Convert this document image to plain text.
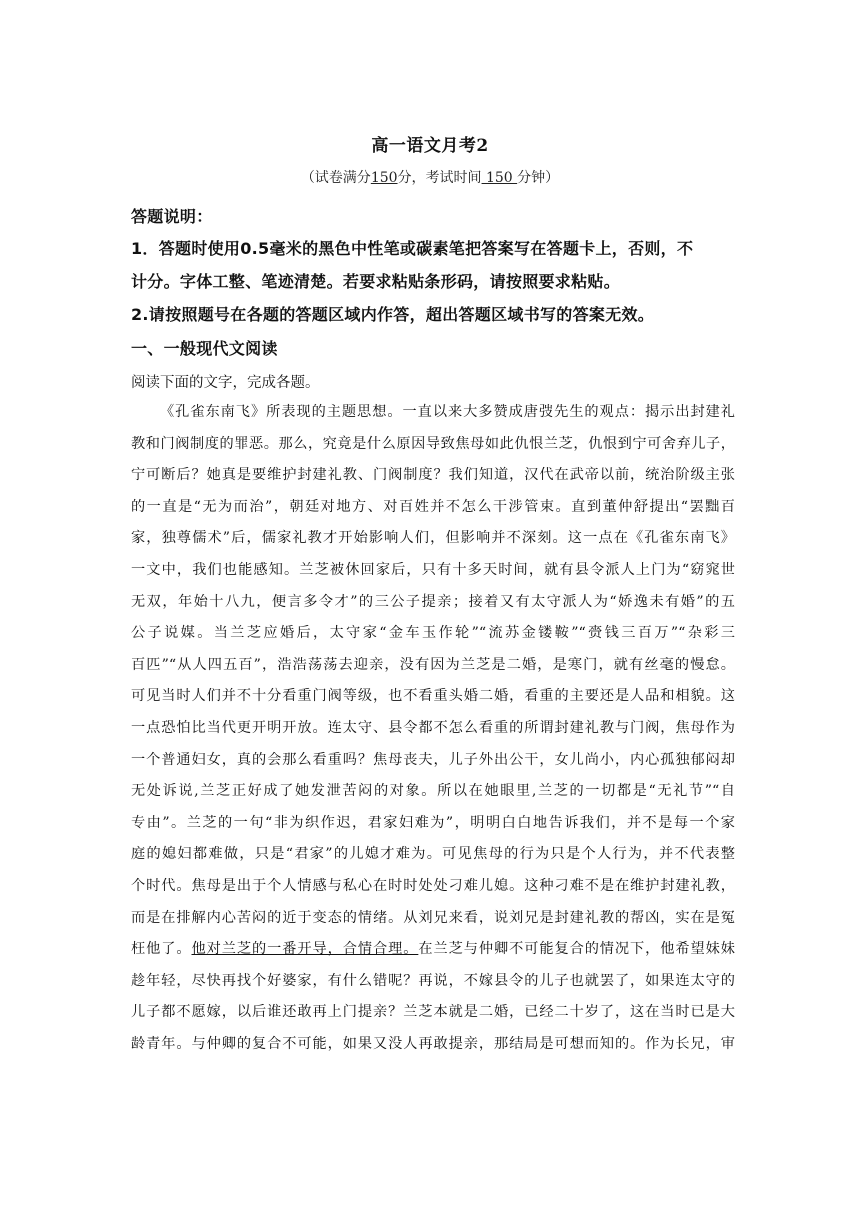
高一语文月考2
（试卷满分150分，考试时间 150 分钟）
答题说明：
1．答题时使用0.5毫米的黑色中性笔或碳素笔把答案写在答题卡上，否则，不
计分。字体工整、笔迹清楚。若要求粘贴条形码，请按照要求粘贴。
2.请按照题号在各题的答题区域内作答，超出答题区域书写的答案无效。
一、一般现代文阅读
阅读下面的文字，完成各题。
《孔雀东南飞》所表现的主题思想。一直以来大多赞成唐弢先生的观点：揭示出封建礼
教和门阀制度的罪恶。那么，究竟是什么原因导致焦母如此仇恨兰芝，仇恨到宁可舍弃儿子，
宁可断后？她真是要维护封建礼教、门阀制度？我们知道，汉代在武帝以前，统治阶级主张
的一直是“无为而治”，朝廷对地方、对百姓并不怎么干涉管束。直到董仲舒提出“罢黜百
家，独尊儒术”后，儒家礼教才开始影响人们，但影响并不深刻。这一点在《孔雀东南飞》
一文中，我们也能感知。兰芝被休回家后，只有十多天时间，就有县令派人上门为“窈窕世
无双，年始十八九，便言多令才”的三公子提亲；接着又有太守派人为“娇逸未有婚”的五
公子说媒。当兰芝应婚后，太守家“金车玉作轮”“流苏金镂鞍”“赍钱三百万”“杂彩三
百匹”“从人四五百”，浩浩荡荡去迎亲，没有因为兰芝是二婚，是寒门，就有丝毫的慢怠。
可见当时人们并不十分看重门阀等级，也不看重头婚二婚，看重的主要还是人品和相貌。这
一点恐怕比当代更开明开放。连太守、县令都不怎么看重的所谓封建礼教与门阀，焦母作为
一个普通妇女，真的会那么看重吗？焦母丧夫，儿子外出公干，女儿尚小，内心孤独郁闷却
无处诉说,兰芝正好成了她发泄苦闷的对象。所以在她眼里,兰芝的一切都是“无礼节”“自
专由”。兰芝的一句“非为织作迟，君家妇难为”，明明白白地告诉我们，并不是每一个家
庭的媳妇都难做，只是“君家”的儿媳才难为。可见焦母的行为只是个人行为，并不代表整
个时代。焦母是出于个人情感与私心在时时处处刁难儿媳。这种刁难不是在维护封建礼教，
而是在排解内心苦闷的近于变态的情绪。从刘兄来看，说刘兄是封建礼教的帮凶，实在是冤
枉他了。他对兰芝的一番开导，合情合理。在兰芝与仲卿不可能复合的情况下，他希望妹妹
趁年轻，尽快再找个好婆家，有什么错呢？再说，不嫁县令的儿子也就罢了，如果连太守的
儿子都不愿嫁，以后谁还敢再上门提亲？兰芝本就是二婚，已经二十岁了，这在当时已是大
龄青年。与仲卿的复合不可能，如果又没人再敢提亲，那结局是可想而知的。作为长兄，审
